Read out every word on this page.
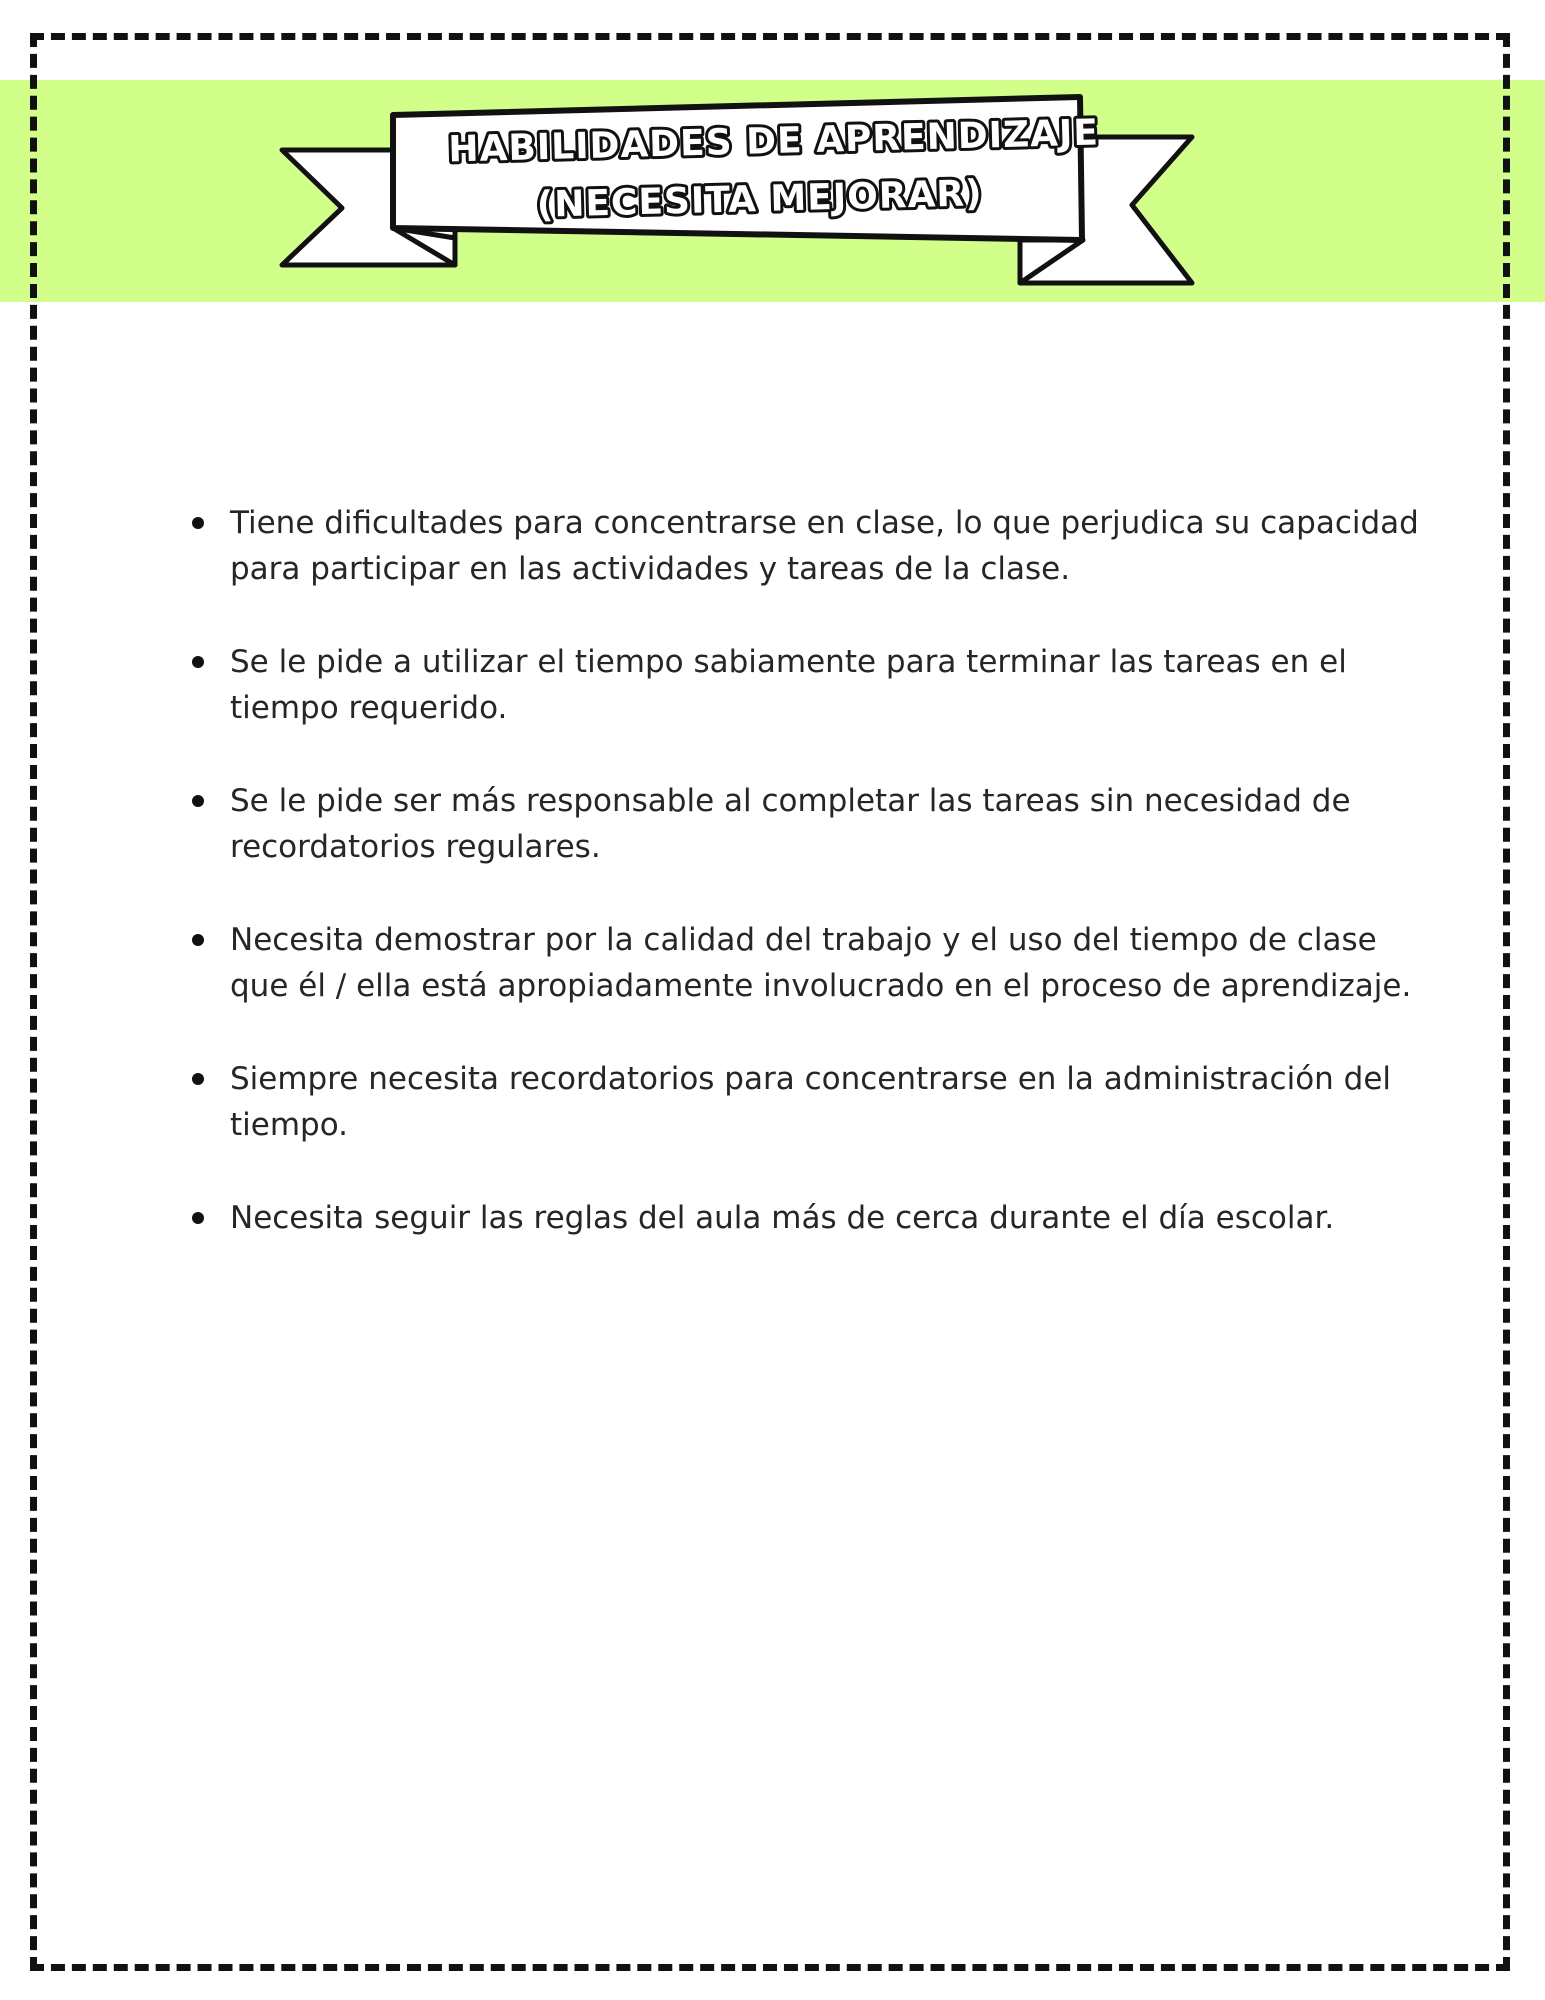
HABILIDADES DE APRENDIZAJE
(NECESITA MEJORAR)
Tiene dificultades para concentrarse en clase, lo que perjudica su capacidad para participar en las actividades y tareas de la clase.
Se le pide a utilizar el tiempo sabiamente para terminar las tareas en el tiempo requerido.
Se le pide ser más responsable al completar las tareas sin necesidad de recordatorios regulares.
Necesita demostrar por la calidad del trabajo y el uso del tiempo de clase que él / ella está apropiadamente involucrado en el proceso de aprendizaje.
Siempre necesita recordatorios para concentrarse en la administración del tiempo.
Necesita seguir las reglas del aula más de cerca durante el día escolar.
